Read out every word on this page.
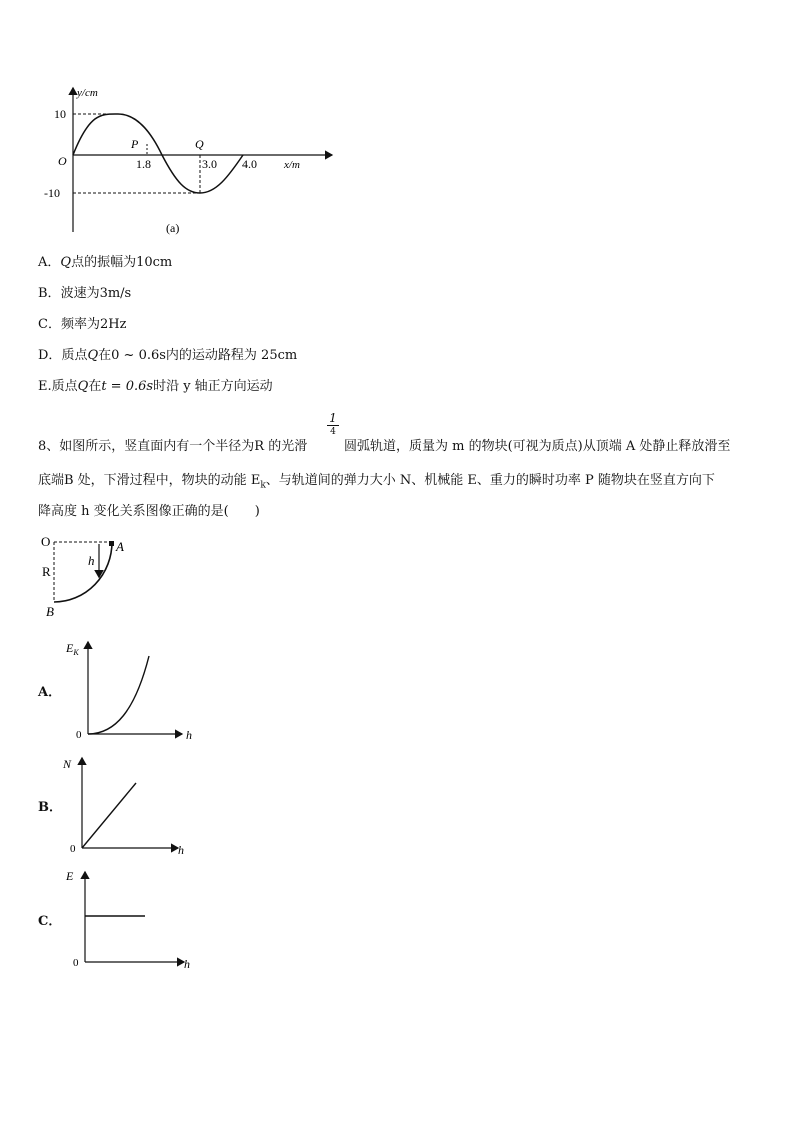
y/cm
x/m
O
10
-10
1.8	3.0 4.0
P	Q
(a)
A．Q点的振幅为10cm
B．波速为3m/s
C．频率为2Hz
D．质点Q在0 ~ 0.6s内的运动路程为 25cm
E.质点Q在t = 0.6s时沿 y 轴正方向运动
8、如图所示，竖直面内有一个半径为R 的光滑
1
4
圆弧轨道，质量为 m 的物块(可视为质点)从顶端 A 处静止释放滑至
底端B 处，下滑过程中，物块的动能 $E_k$、与轨道间的弹力大小 N、机械能 E、重力的瞬时功率 P 随物块在竖直方向下
降高度 h 变化关系图像正确的是(　　)
O
R
h
A
B
A．
$E_K$
h
0
B．
N
h
0
C．
E
h
0
